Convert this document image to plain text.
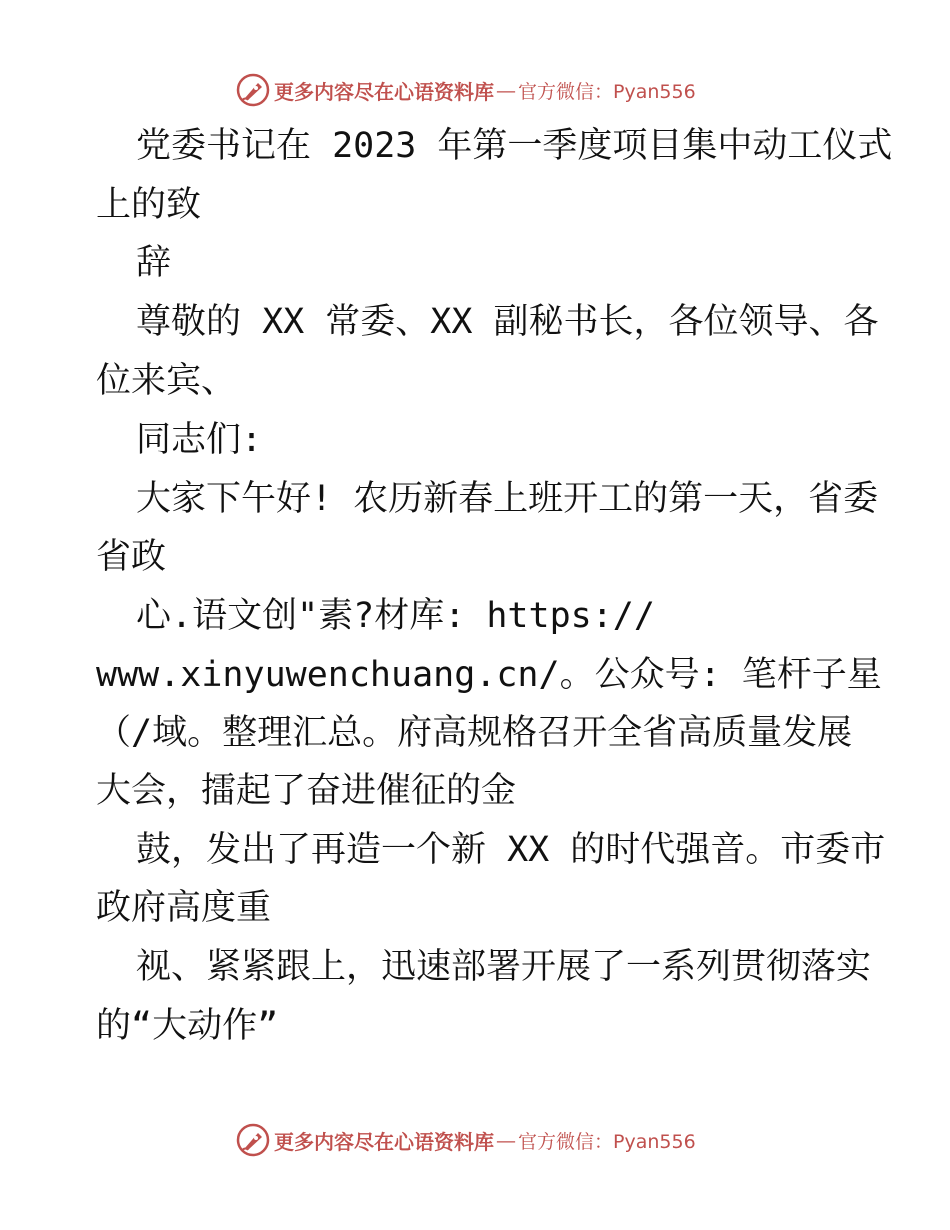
更多内容尽在心语资料库 — 官方微信：Pyan556
党委书记在 2023 年第一季度项目集中动工仪式
上的致
辞
尊敬的 XX 常委、XX 副秘书长，各位领导、各
位来宾、
同志们:
大家下午好! 农历新春上班开工的第一天，省委
省政
心.语文创"素?材库: https://
www.xinyuwenchuang.cn/。公众号: 笔杆子星
（/域。整理汇总。府高规格召开全省高质量发展
大会，擂起了奋进催征的金
鼓，发出了再造一个新 XX 的时代强音。市委市
政府高度重
视、紧紧跟上，迅速部署开展了一系列贯彻落实
的“大动作”
更多内容尽在心语资料库 — 官方微信：Pyan556
